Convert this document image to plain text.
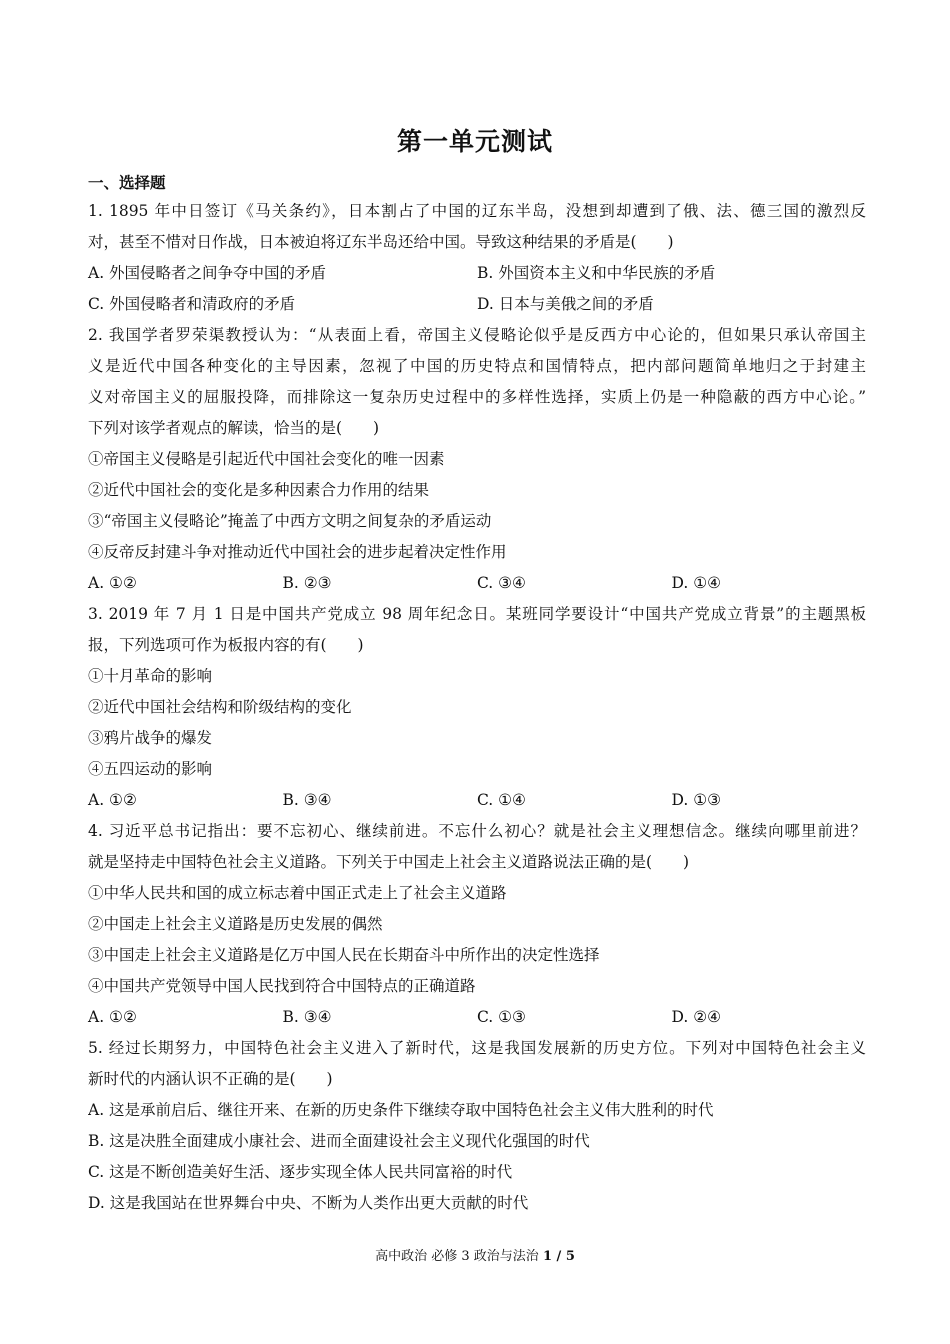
第一单元测试
一、选择题
1. 1895 年中日签订《马关条约》，日本割占了中国的辽东半岛，没想到却遭到了俄、法、德三国的激烈反
对，甚至不惜对日作战，日本被迫将辽东半岛还给中国。导致这种结果的矛盾是(　　)
A. 外国侵略者之间争夺中国的矛盾	B. 外国资本主义和中华民族的矛盾
C. 外国侵略者和清政府的矛盾	D. 日本与美俄之间的矛盾
2. 我国学者罗荣渠教授认为：“从表面上看，帝国主义侵略论似乎是反西方中心论的，但如果只承认帝国主
义是近代中国各种变化的主导因素，忽视了中国的历史特点和国情特点，把内部问题简单地归之于封建主
义对帝国主义的屈服投降，而排除这一复杂历史过程中的多样性选择，实质上仍是一种隐蔽的西方中心论。”
下列对该学者观点的解读，恰当的是(　　)
①帝国主义侵略是引起近代中国社会变化的唯一因素
②近代中国社会的变化是多种因素合力作用的结果
③“帝国主义侵略论”掩盖了中西方文明之间复杂的矛盾运动
④反帝反封建斗争对推动近代中国社会的进步起着决定性作用
A. ①②	B. ②③	C. ③④	D. ①④
3. 2019 年 7 月 1 日是中国共产党成立 98 周年纪念日。某班同学要设计“中国共产党成立背景”的主题黑板
报，下列选项可作为板报内容的有(　　)
①十月革命的影响
②近代中国社会结构和阶级结构的变化
③鸦片战争的爆发
④五四运动的影响
A. ①②	B. ③④	C. ①④	D. ①③
4. 习近平总书记指出：要不忘初心、继续前进。不忘什么初心？就是社会主义理想信念。继续向哪里前进？
就是坚持走中国特色社会主义道路。下列关于中国走上社会主义道路说法正确的是(　　)
①中华人民共和国的成立标志着中国正式走上了社会主义道路
②中国走上社会主义道路是历史发展的偶然
③中国走上社会主义道路是亿万中国人民在长期奋斗中所作出的决定性选择
④中国共产党领导中国人民找到符合中国特点的正确道路
A. ①②	B. ③④	C. ①③	D. ②④
5. 经过长期努力，中国特色社会主义进入了新时代，这是我国发展新的历史方位。下列对中国特色社会主义
新时代的内涵认识不正确的是(　　)
A. 这是承前启后、继往开来、在新的历史条件下继续夺取中国特色社会主义伟大胜利的时代
B. 这是决胜全面建成小康社会、进而全面建设社会主义现代化强国的时代
C. 这是不断创造美好生活、逐步实现全体人民共同富裕的时代
D. 这是我国站在世界舞台中央、不断为人类作出更大贡献的时代
高中政治 必修 3 政治与法治 1 / 5
